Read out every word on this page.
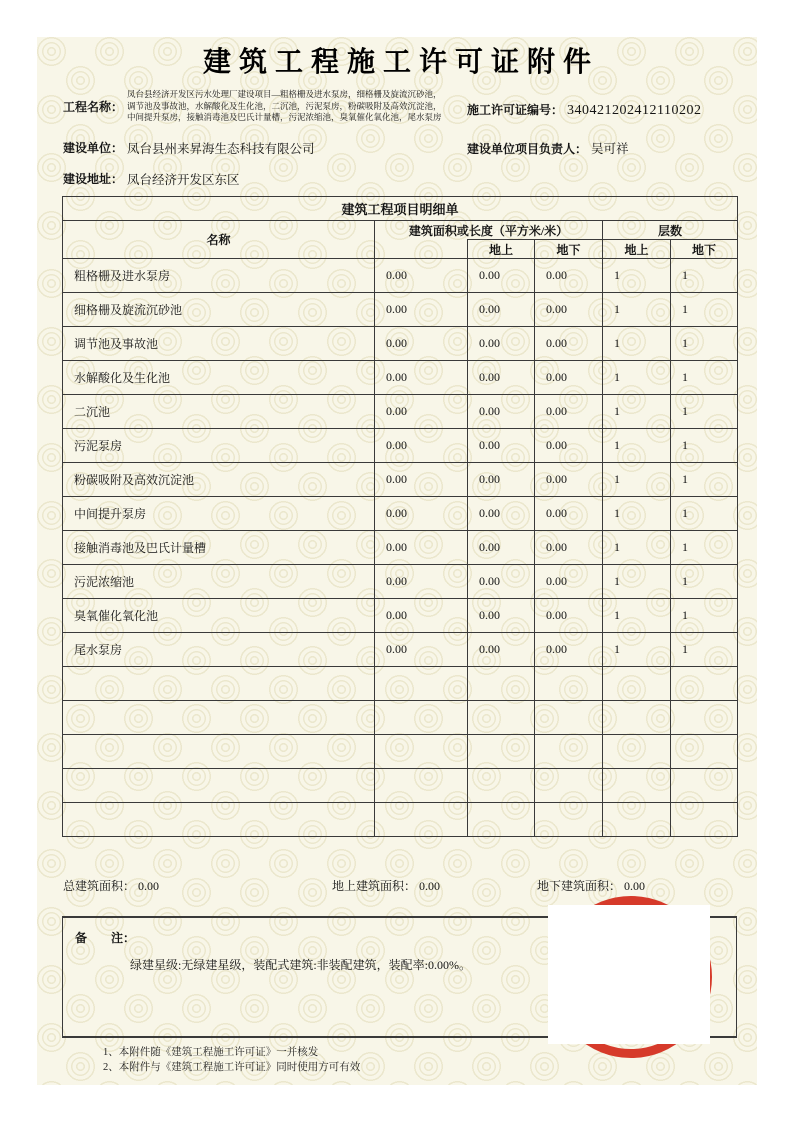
建筑工程施工许可证附件
工程名称：
凤台县经济开发区污水处理厂建设项目—粗格栅及进水泵房，细格栅及旋流沉砂池，
调节池及事故池，水解酸化及生化池，二沉池，污泥泵房，粉碳吸附及高效沉淀池，
中间提升泵房，接触消毒池及巴氏计量槽，污泥浓缩池，臭氧催化氧化池，尾水泵房	施工许可证编号： 340421202412110202
建设单位： 凤台县州来昇海生态科技有限公司	建设单位项目负责人： 吴可祥
建设地址： 凤台经济开发区东区
建筑工程项目明细单					
名称	建筑面积或长度（平方米/米）			层数	
		地上	地下	地上	地下
粗格栅及进水泵房	0.00	0.00	0.00	1	1
细格栅及旋流沉砂池	0.00	0.00	0.00	1	1
调节池及事故池	0.00	0.00	0.00	1	1
水解酸化及生化池	0.00	0.00	0.00	1	1
二沉池	0.00	0.00	0.00	1	1
污泥泵房	0.00	0.00	0.00	1	1
粉碳吸附及高效沉淀池	0.00	0.00	0.00	1	1
中间提升泵房	0.00	0.00	0.00	1	1
接触消毒池及巴氏计量槽	0.00	0.00	0.00	1	1
污泥浓缩池	0.00	0.00	0.00	1	1
臭氧催化氧化池	0.00	0.00	0.00	1	1
尾水泵房	0.00	0.00	0.00	1	1

总建筑面积： 0.00	地上建筑面积： 0.00	地下建筑面积： 0.00
备　　注：
绿建星级:无绿建星级，装配式建筑:非装配建筑，装配率:0.00%。
1、本附件随《建筑工程施工许可证》一并核发
2、本附件与《建筑工程施工许可证》同时使用方可有效
